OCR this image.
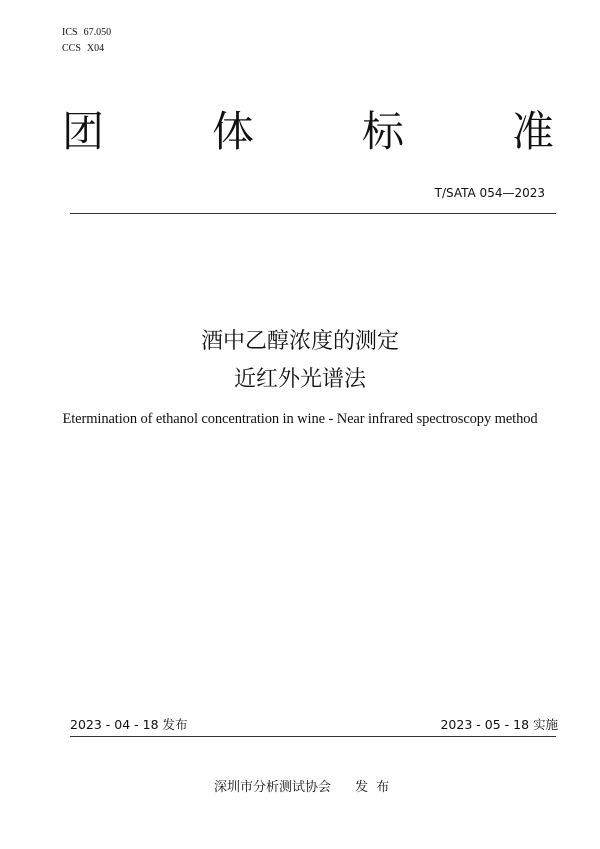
ICS 67.050
CCS X04
团	体	标	准
T/SATA 054—2023
酒中乙醇浓度的测定
近红外光谱法
Etermination of ethanol concentration in wine - Near infrared spectroscopy method
2023 - 04 - 18 发布	2023 - 05 - 18 实施
深圳市分析测试协会 发  布
